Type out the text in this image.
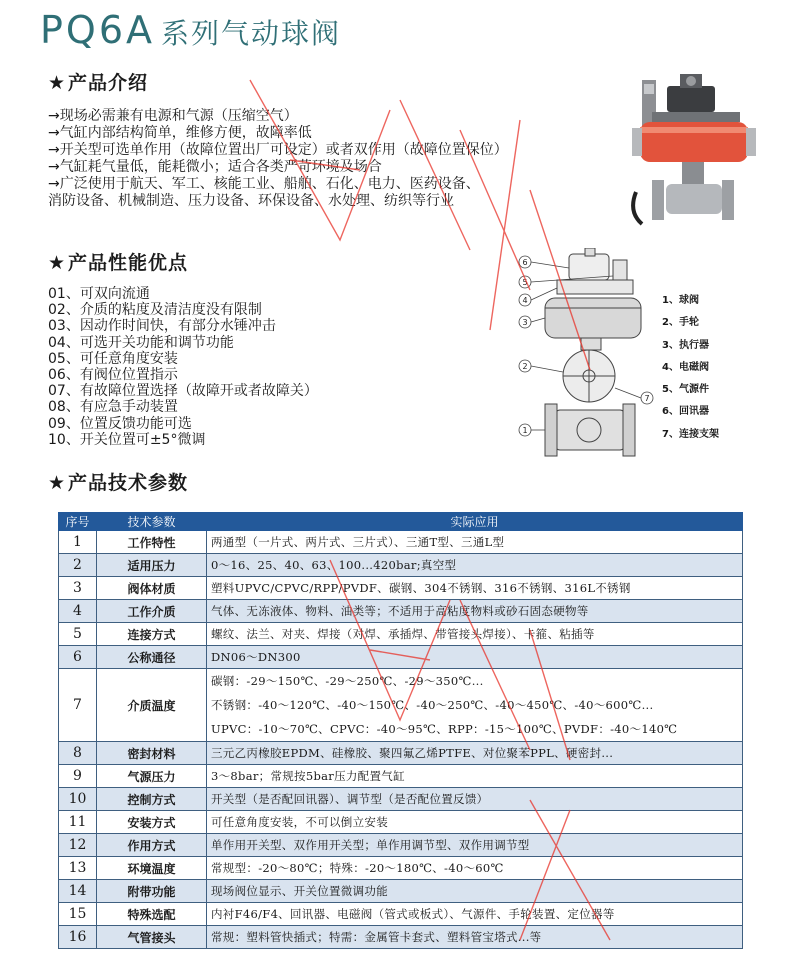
PQ6A 系列气动球阀
★ 产品介绍
→现场必需兼有电源和气源（压缩空气）
→气缸内部结构简单，维修方便，故障率低
→开关型可选单作用（故障位置出厂可设定）或者双作用（故障位置保位）
→气缸耗气量低，能耗微小；适合各类严苛环境及场合
→广泛使用于航天、军工、核能工业、船舶、石化、电力、医药设备、
消防设备、机械制造、压力设备、环保设备、水处理、纺织等行业
★ 产品性能优点
01、可双向流通
02、介质的粘度及清洁度没有限制
03、因动作时间快，有部分水锤冲击
04、可选开关功能和调节功能
05、可任意角度安装
06、有阀位位置指示
07、有故障位置选择（故障开或者故障关）
08、有应急手动装置
09、位置反馈功能可选
10、开关位置可±5°微调
6
5
4
3
2
1
7
1、球阀
2、手轮
3、执行器
4、电磁阀
5、气源件
6、回讯器
7、连接支架
★ 产品技术参数
序号	技术参数	实际应用
1	工作特性	两通型（一片式、两片式、三片式）、三通T型、三通L型
2	适用压力	0～16、25、40、63、100...420bar;真空型
3	阀体材质	塑料UPVC/CPVC/RPP/PVDF、碳钢、304不锈钢、316不锈钢、316L不锈钢
4	工作介质	气体、无冻液体、物料、油类等；不适用于高粘度物料或砂石固态硬物等
5	连接方式	螺纹、法兰、对夹、焊接（对焊、承插焊、带管接头焊接）、卡箍、粘插等
6	公称通径	DN06～DN300
7	介质温度	碳钢：-29～150℃、-29～250℃、-29～350℃...
不锈钢：-40～120℃、-40～150℃、-40～250℃、-40～450℃、-40～600℃...
UPVC：-10～70℃、CPVC：-40～95℃、RPP：-15～100℃、PVDF：-40～140℃

8	密封材料	三元乙丙橡胶EPDM、硅橡胶、聚四氟乙烯PTFE、对位聚苯PPL、硬密封...
9	气源压力	3～8bar；常规按5bar压力配置气缸
10	控制方式	开关型（是否配回讯器）、调节型（是否配位置反馈）
11	安装方式	可任意角度安装，不可以倒立安装
12	作用方式	单作用开关型、双作用开关型；单作用调节型、双作用调节型
13	环境温度	常规型：-20～80℃；特殊：-20～180℃、-40～60℃
14	附带功能	现场阀位显示、开关位置微调功能
15	特殊选配	内衬F46/F4、回讯器、电磁阀（管式或板式）、气源件、手轮装置、定位器等
16	气管接头	常规：塑料管快插式；特需：金属管卡套式、塑料管宝塔式...等
